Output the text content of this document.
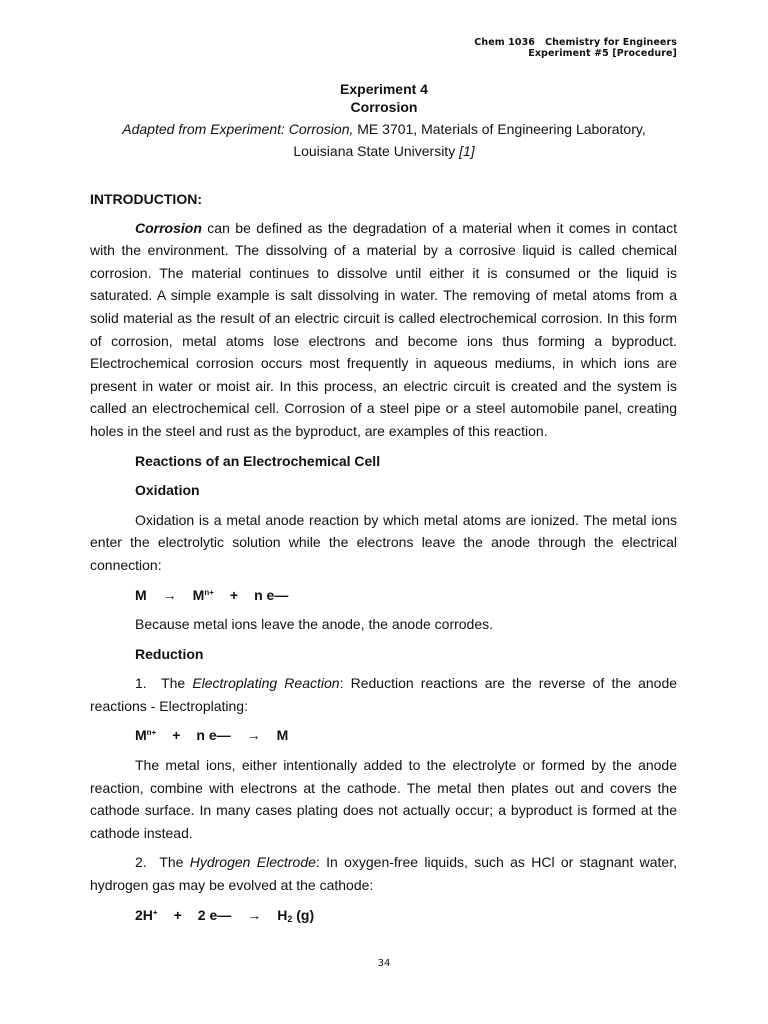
Chem 1036 Chemistry for Engineers
Experiment #5 [Procedure]
Experiment 4
Corrosion
Adapted from Experiment: Corrosion, ME 3701, Materials of Engineering Laboratory,
Louisiana State University [1]

INTRODUCTION:

Corrosion can be defined as the degradation of a material when it comes in contact with the environment. The dissolving of a material by a corrosive liquid is called chemical corrosion. The material continues to dissolve until either it is consumed or the liquid is saturated. A simple example is salt dissolving in water. The removing of metal atoms from a solid material as the result of an electric circuit is called electrochemical corrosion. In this form of corrosion, metal atoms lose electrons and become ions thus forming a byproduct. Electrochemical corrosion occurs most frequently in aqueous mediums, in which ions are present in water or moist air. In this process, an electric circuit is created and the system is called an electrochemical cell. Corrosion of a steel pipe or a steel automobile panel, creating holes in the steel and rust as the byproduct, are examples of this reaction.

Reactions of an Electrochemical Cell

Oxidation

Oxidation is a metal anode reaction by which metal atoms are ionized. The metal ions enter the electrolytic solution while the electrons leave the anode through the electrical connection:

$M \to M^{n+} + n$ e—

Because metal ions leave the anode, the anode corrodes.

Reduction

1. The Electroplating Reaction: Reduction reactions are the reverse of the anode reactions - Electroplating:

$M^{n+} + n$ e— → M

The metal ions, either intentionally added to the electrolyte or formed by the anode reaction, combine with electrons at the cathode. The metal then plates out and covers the cathode surface. In many cases plating does not actually occur; a byproduct is formed at the cathode instead.

2. The Hydrogen Electrode: In oxygen-free liquids, such as HCl or stagnant water, hydrogen gas may be evolved at the cathode:

2H+ + 2 e— → $H_2$ (g)

34
